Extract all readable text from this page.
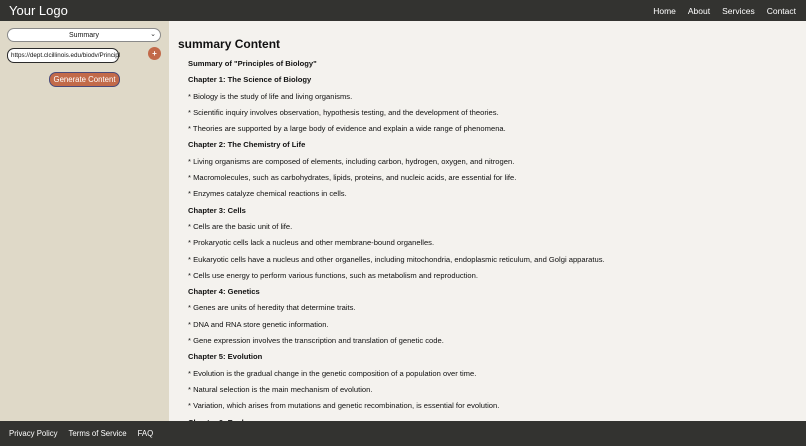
Your Logo	Home About Services Contact
Summary	⌄
https://dept.clcillinois.edu/biodv/Principl	+
Generate Content
summary Content

Summary of "Principles of Biology"

Chapter 1: The Science of Biology

* Biology is the study of life and living organisms.

* Scientific inquiry involves observation, hypothesis testing, and the development of theories.

* Theories are supported by a large body of evidence and explain a wide range of phenomena.

Chapter 2: The Chemistry of Life

* Living organisms are composed of elements, including carbon, hydrogen, oxygen, and nitrogen.

* Macromolecules, such as carbohydrates, lipids, proteins, and nucleic acids, are essential for life.

* Enzymes catalyze chemical reactions in cells.

Chapter 3: Cells

* Cells are the basic unit of life.

* Prokaryotic cells lack a nucleus and other membrane-bound organelles.

* Eukaryotic cells have a nucleus and other organelles, including mitochondria, endoplasmic reticulum, and Golgi apparatus.

* Cells use energy to perform various functions, such as metabolism and reproduction.

Chapter 4: Genetics

* Genes are units of heredity that determine traits.

* DNA and RNA store genetic information.

* Gene expression involves the transcription and translation of genetic code.

Chapter 5: Evolution

* Evolution is the gradual change in the genetic composition of a population over time.

* Natural selection is the main mechanism of evolution.

* Variation, which arises from mutations and genetic recombination, is essential for evolution.

Privacy Policy Terms of Service FAQ
